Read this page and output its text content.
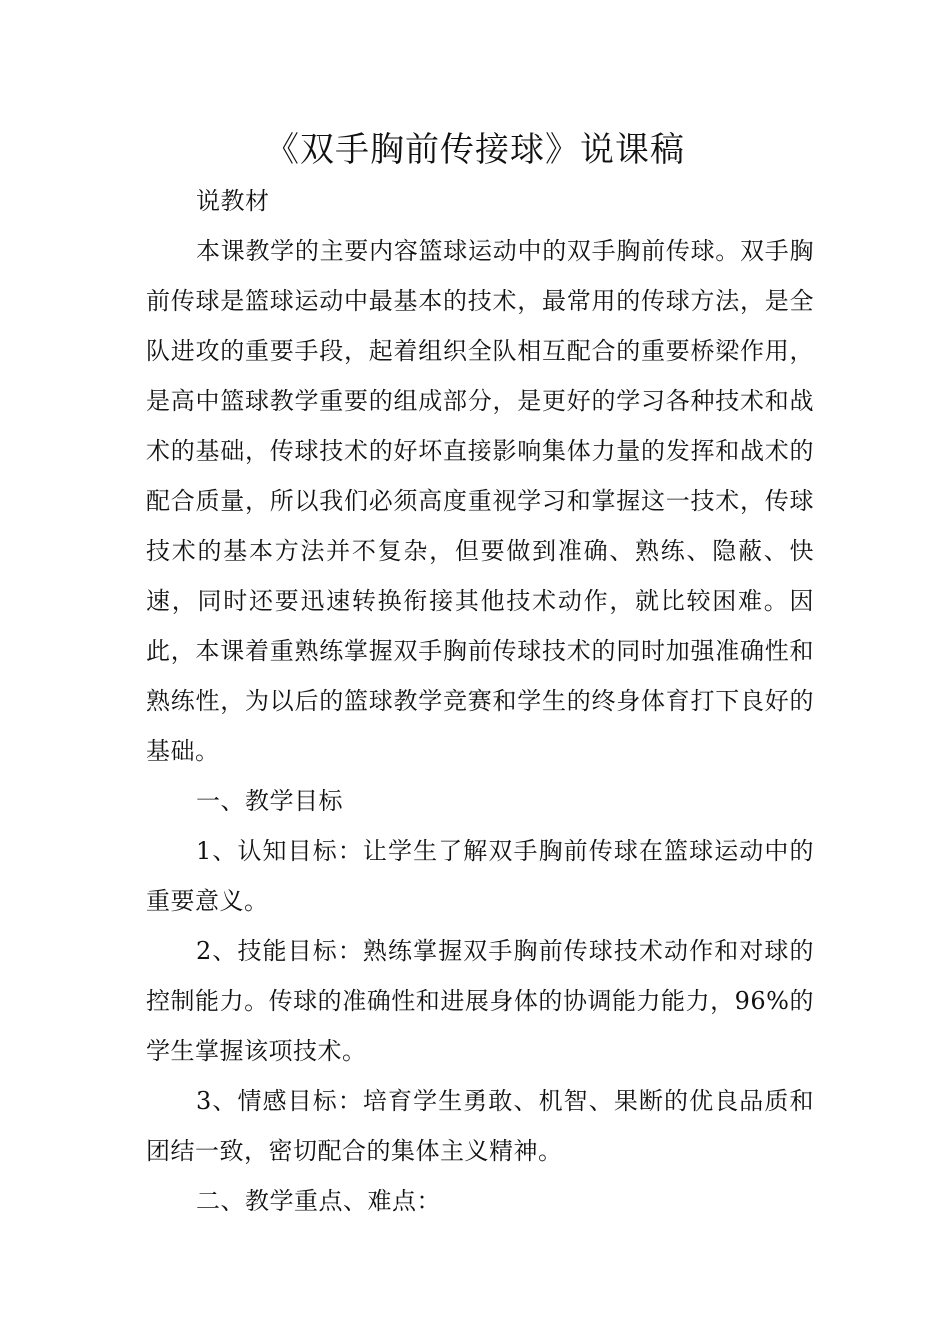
《双手胸前传接球》说课稿

说教材

本课教学的主要内容篮球运动中的双手胸前传球。双手胸前传球是篮球运动中最基本的技术，最常用的传球方法，是全队进攻的重要手段，起着组织全队相互配合的重要桥梁作用，是高中篮球教学重要的组成部分，是更好的学习各种技术和战术的基础，传球技术的好坏直接影响集体力量的发挥和战术的配合质量，所以我们必须高度重视学习和掌握这一技术，传球技术的基本方法并不复杂，但要做到准确、熟练、隐蔽、快速，同时还要迅速转换衔接其他技术动作，就比较困难。因此，本课着重熟练掌握双手胸前传球技术的同时加强准确性和熟练性，为以后的篮球教学竞赛和学生的终身体育打下良好的基础。

一、教学目标

1、认知目标：让学生了解双手胸前传球在篮球运动中的重要意义。

2、技能目标：熟练掌握双手胸前传球技术动作和对球的控制能力。传球的准确性和进展身体的协调能力能力，96%的学生掌握该项技术。

3、情感目标：培育学生勇敢、机智、果断的优良品质和团结一致，密切配合的集体主义精神。

二、教学重点、难点：
